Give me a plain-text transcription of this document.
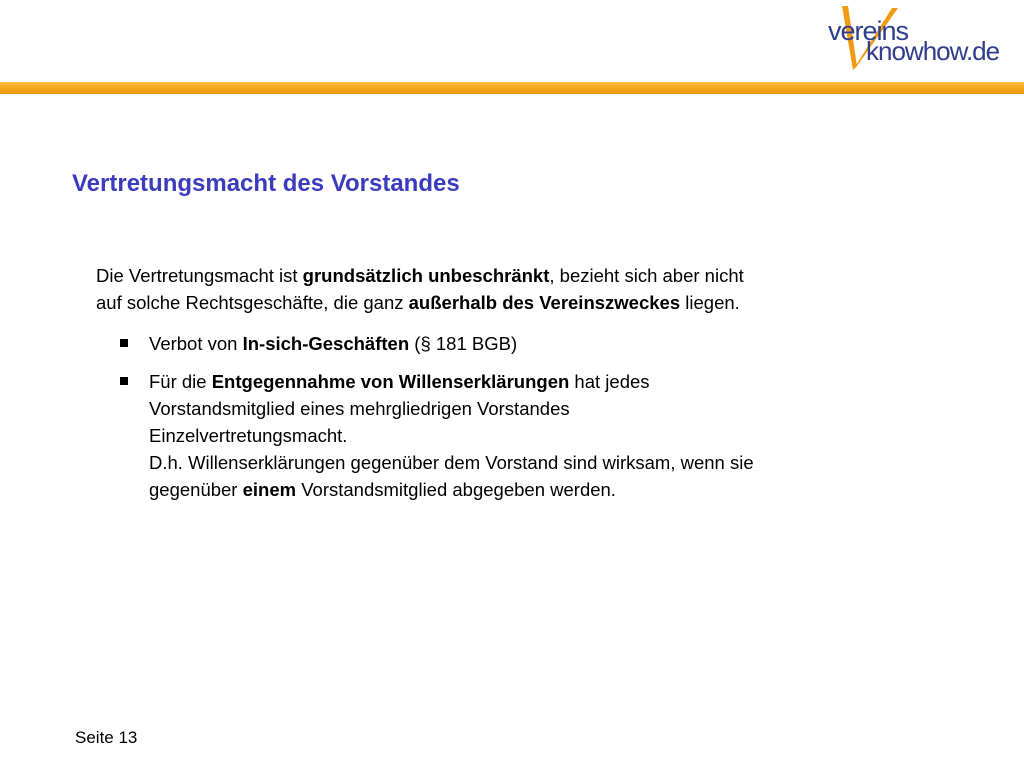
vereins
knowhow.de
Vertretungsmacht des Vorstandes

Die Vertretungsmacht ist grundsätzlich unbeschränkt, bezieht sich aber nicht
auf solche Rechtsgeschäfte, die ganz außerhalb des Vereinszweckes liegen.

Verbot von In-sich-Geschäften (§ 181 BGB)
Für die Entgegennahme von Willenserklärungen hat jedes
Vorstandsmitglied eines mehrgliedrigen Vorstandes
Einzelvertretungsmacht.
D.h. Willenserklärungen gegenüber dem Vorstand sind wirksam, wenn sie
gegenüber einem Vorstandsmitglied abgegeben werden.
Seite 13
